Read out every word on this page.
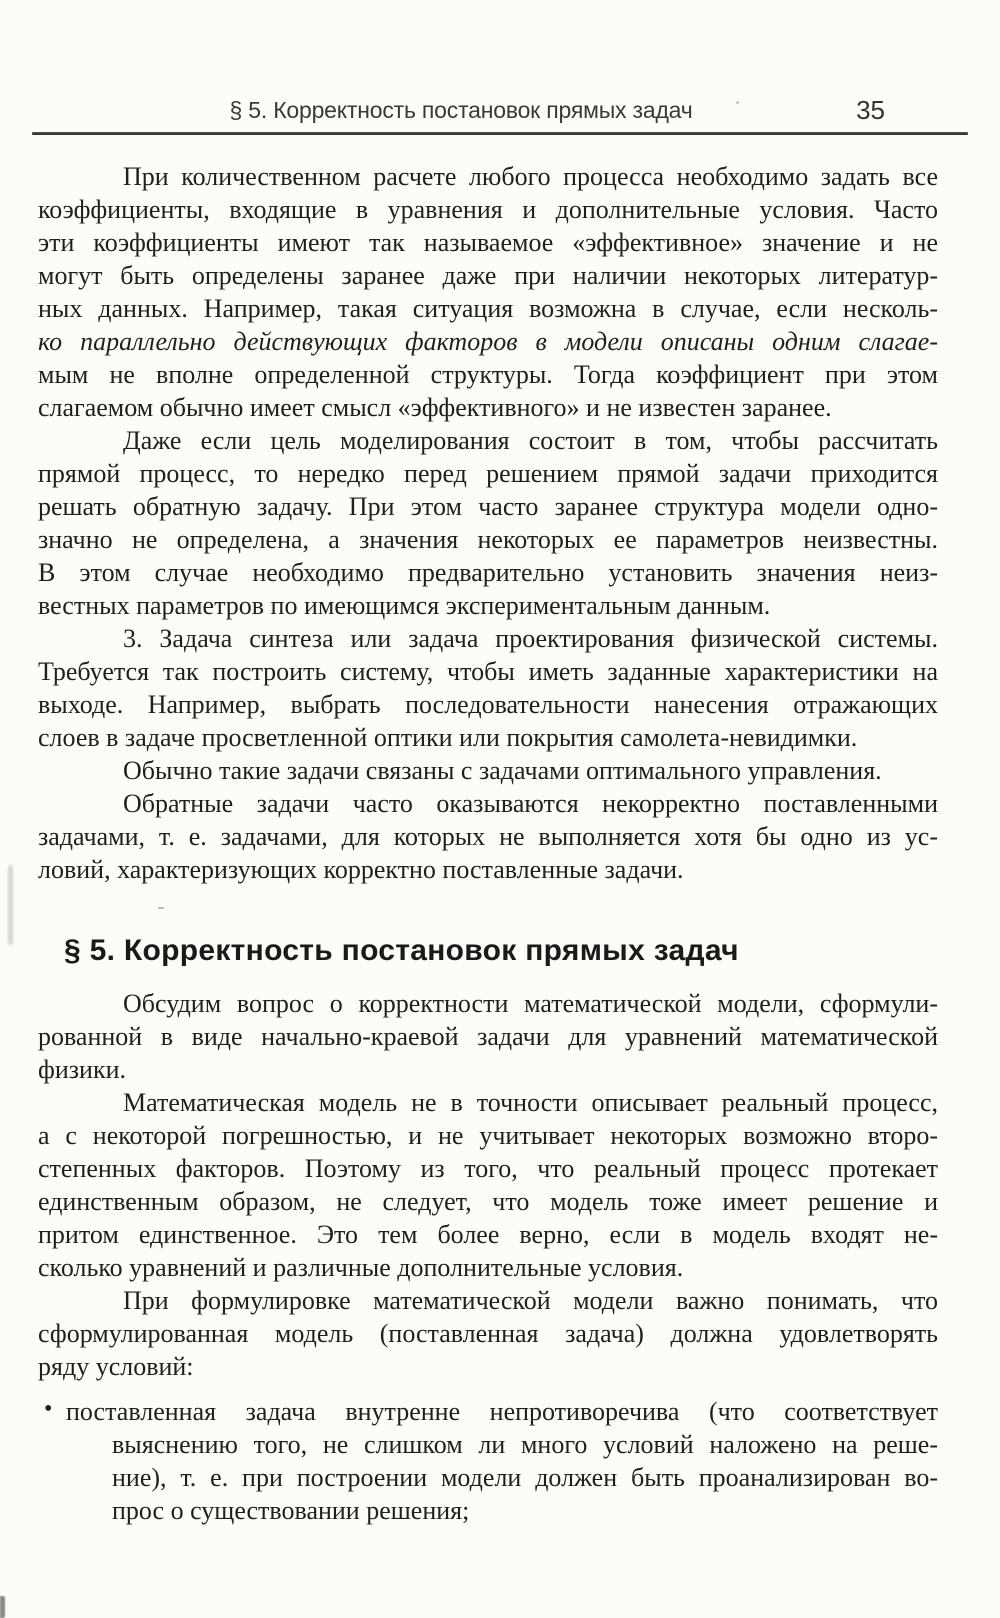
§ 5. Корректность постановок прямых задач	35
При количественном расчете любого процесса необходимо задать все
коэффициенты, входящие в уравнения и дополнительные условия. Часто
эти коэффициенты имеют так называемое «эффективное» значение и не
могут быть определены заранее даже при наличии некоторых литератур-
ных данных. Например, такая ситуация возможна в случае, если несколь-
ко параллельно действующих факторов в модели описаны одним слагае-
мым не вполне определенной структуры. Тогда коэффициент при этом
слагаемом обычно имеет смысл «эффективного» и не известен заранее.
Даже если цель моделирования состоит в том, чтобы рассчитать
прямой процесс, то нередко перед решением прямой задачи приходится
решать обратную задачу. При этом часто заранее структура модели одно-
значно не определена, а значения некоторых ее параметров неизвестны.
В этом случае необходимо предварительно установить значения неиз-
вестных параметров по имеющимся экспериментальным данным.
3. Задача синтеза или задача проектирования физической системы.
Требуется так построить систему, чтобы иметь заданные характеристики на
выходе. Например, выбрать последовательности нанесения отражающих
слоев в задаче просветленной оптики или покрытия самолета-невидимки.
Обычно такие задачи связаны с задачами оптимального управления.
Обратные задачи часто оказываются некорректно поставленными
задачами, т. е. задачами, для которых не выполняется хотя бы одно из ус-
ловий, характеризующих корректно поставленные задачи.
§ 5. Корректность постановок прямых задач
Обсудим вопрос о корректности математической модели, сформули-
рованной в виде начально-краевой задачи для уравнений математической
физики.
Математическая модель не в точности описывает реальный процесс,
а с некоторой погрешностью, и не учитывает некоторых возможно второ-
степенных факторов. Поэтому из того, что реальный процесс протекает
единственным образом, не следует, что модель тоже имеет решение и
притом единственное. Это тем более верно, если в модель входят не-
сколько уравнений и различные дополнительные условия.
При формулировке математической модели важно понимать, что
сформулированная модель (поставленная задача) должна удовлетворять
ряду условий:
• поставленная задача внутренне непротиворечива (что соответствует
выяснению того, не слишком ли много условий наложено на реше-
ние), т. е. при построении модели должен быть проанализирован во-
прос о существовании решения;
